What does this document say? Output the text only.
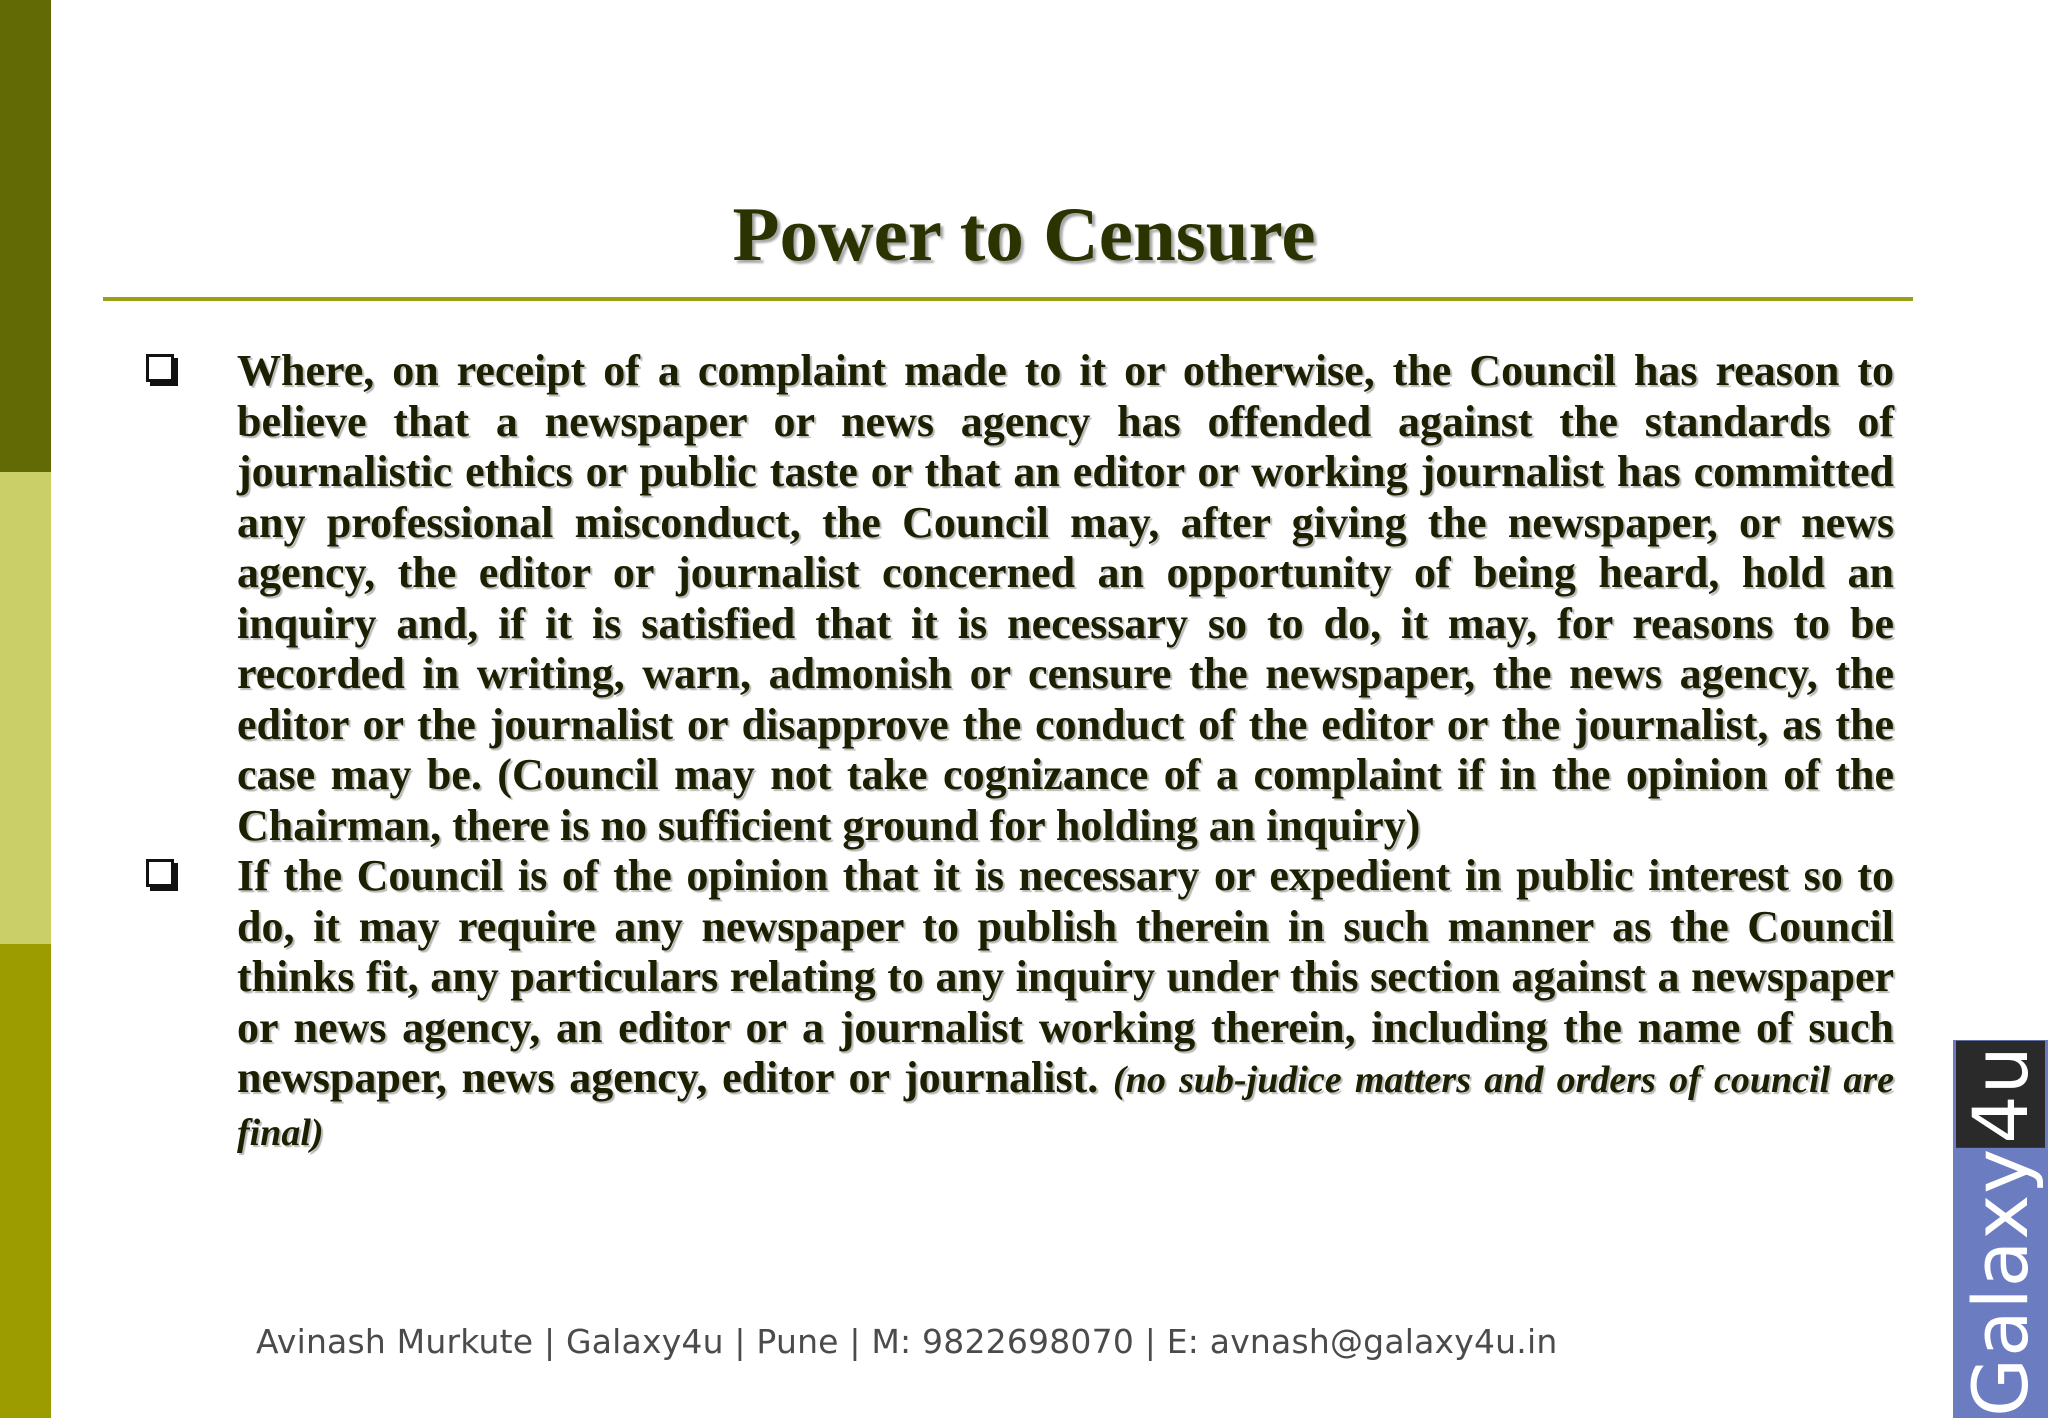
Power to Censure

Where, on receipt of a complaint made to it or otherwise, the Council has reason to believe that a newspaper or news agency has offended against the standards of journalistic ethics or public taste or that an editor or working journalist has committed any professional misconduct, the Council may, after giving the newspaper, or news agency, the editor or journalist concerned an opportunity of being heard, hold an inquiry and, if it is satisfied that it is necessary so to do, it may, for reasons to be recorded in writing, warn, admonish or censure the newspaper, the news agency, the editor or the journalist or disapprove the conduct of the editor or the journalist, as the case may be. (Council may not take cognizance of a complaint if in the opinion of the Chairman, there is no sufficient ground for holding an inquiry)

If the Council is of the opinion that it is necessary or expedient in public interest so to do, it may require any newspaper to publish therein in such manner as the Council thinks fit, any particulars relating to any inquiry under this section against a newspaper or news agency, an editor or a journalist working therein, including the name of such newspaper, news agency, editor or journalist. (no sub-judice matters and orders of council are final)

Avinash Murkute | Galaxy4u | Pune | M: 9822698070 | E: avnash@galaxy4u.in	Galaxy4u
